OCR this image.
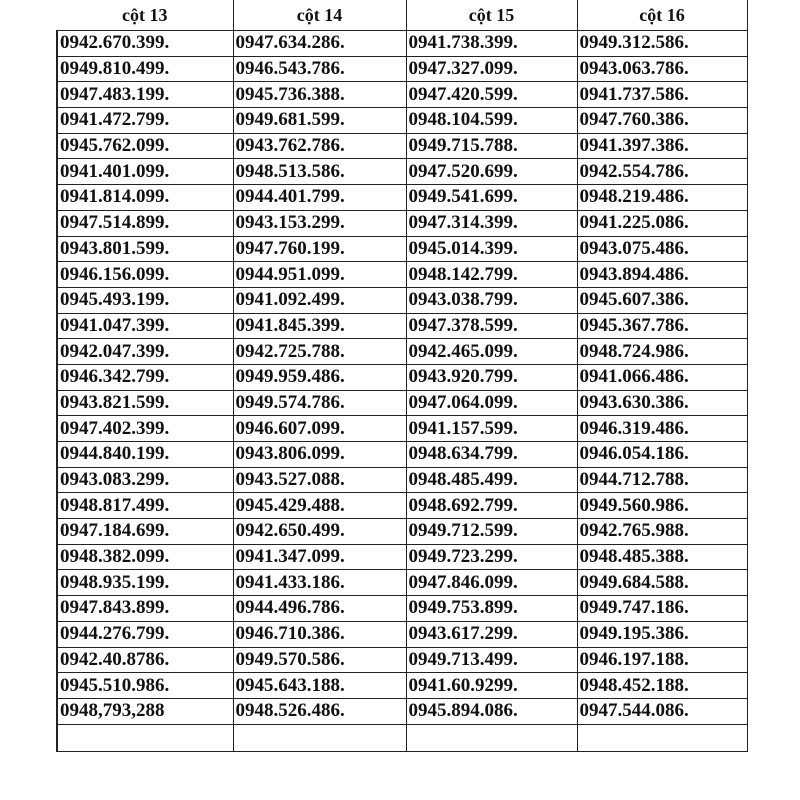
cột 13	cột 14	cột 15	cột 16
0942.670.399.	0947.634.286.	0941.738.399.	0949.312.586.
0949.810.499.	0946.543.786.	0947.327.099.	0943.063.786.
0947.483.199.	0945.736.388.	0947.420.599.	0941.737.586.
0941.472.799.	0949.681.599.	0948.104.599.	0947.760.386.
0945.762.099.	0943.762.786.	0949.715.788.	0941.397.386.
0941.401.099.	0948.513.586.	0947.520.699.	0942.554.786.
0941.814.099.	0944.401.799.	0949.541.699.	0948.219.486.
0947.514.899.	0943.153.299.	0947.314.399.	0941.225.086.
0943.801.599.	0947.760.199.	0945.014.399.	0943.075.486.
0946.156.099.	0944.951.099.	0948.142.799.	0943.894.486.
0945.493.199.	0941.092.499.	0943.038.799.	0945.607.386.
0941.047.399.	0941.845.399.	0947.378.599.	0945.367.786.
0942.047.399.	0942.725.788.	0942.465.099.	0948.724.986.
0946.342.799.	0949.959.486.	0943.920.799.	0941.066.486.
0943.821.599.	0949.574.786.	0947.064.099.	0943.630.386.
0947.402.399.	0946.607.099.	0941.157.599.	0946.319.486.
0944.840.199.	0943.806.099.	0948.634.799.	0946.054.186.
0943.083.299.	0943.527.088.	0948.485.499.	0944.712.788.
0948.817.499.	0945.429.488.	0948.692.799.	0949.560.986.
0947.184.699.	0942.650.499.	0949.712.599.	0942.765.988.
0948.382.099.	0941.347.099.	0949.723.299.	0948.485.388.
0948.935.199.	0941.433.186.	0947.846.099.	0949.684.588.
0947.843.899.	0944.496.786.	0949.753.899.	0949.747.186.
0944.276.799.	0946.710.386.	0943.617.299.	0949.195.386.
0942.40.8786.	0949.570.586.	0949.713.499.	0946.197.188.
0945.510.986.	0945.643.188.	0941.60.9299.	0948.452.188.
0948,793,288	0948.526.486.	0945.894.086.	0947.544.086.
